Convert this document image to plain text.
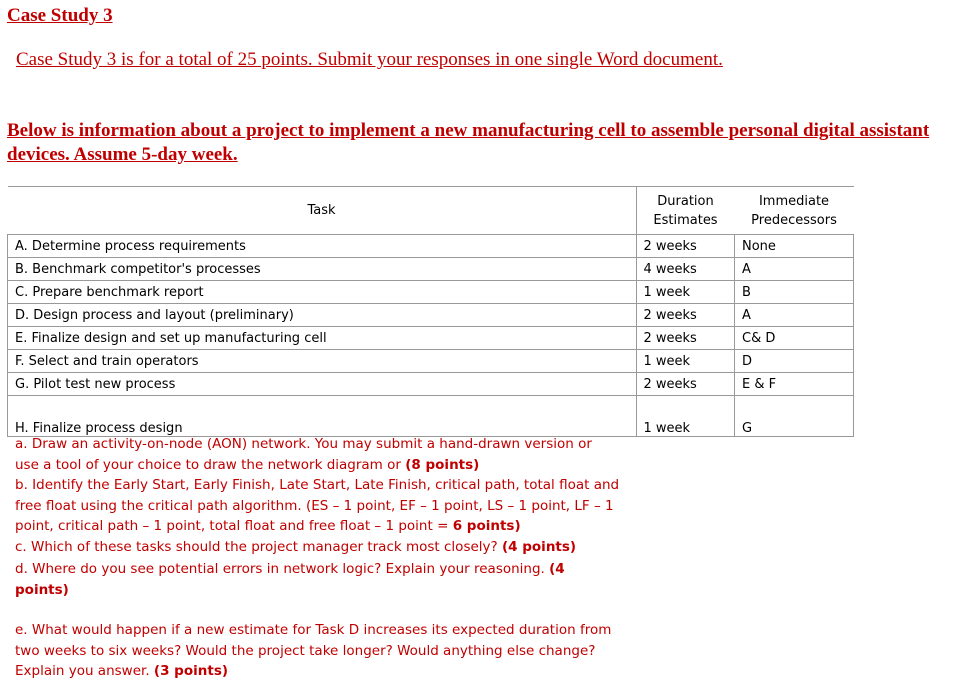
Case Study 3
Case Study 3 is for a total of 25 points. Submit your responses in one single Word document.
Below is information about a project to implement a new manufacturing cell to assemble personal digital assistant devices. Assume 5-day week.
Task	Duration Estimates	Immediate Predecessors
A. Determine process requirements	2 weeks	None
B. Benchmark competitor's processes	4 weeks	A
C. Prepare benchmark report	1 week	B
D. Design process and layout (preliminary)	2 weeks	A
E. Finalize design and set up manufacturing cell	2 weeks	C& D
F. Select and train operators	1 week	D
G. Pilot test new process	2 weeks	E & F
H. Finalize process design	1 week	G

a. Draw an activity-on-node (AON) network. You may submit a hand-drawn version or use a tool of your choice to draw the network diagram or (8 points)

b. Identify the Early Start, Early Finish, Late Start, Late Finish, critical path, total float and free float using the critical path algorithm. (ES – 1 point, EF – 1 point, LS – 1 point, LF – 1 point, critical path – 1 point, total float and free float – 1 point = 6 points)

c. Which of these tasks should the project manager track most closely? (4 points)

d. Where do you see potential errors in network logic? Explain your reasoning. (4 points)

e. What would happen if a new estimate for Task D increases its expected duration from two weeks to six weeks? Would the project take longer? Would anything else change? Explain you answer. (3 points)
